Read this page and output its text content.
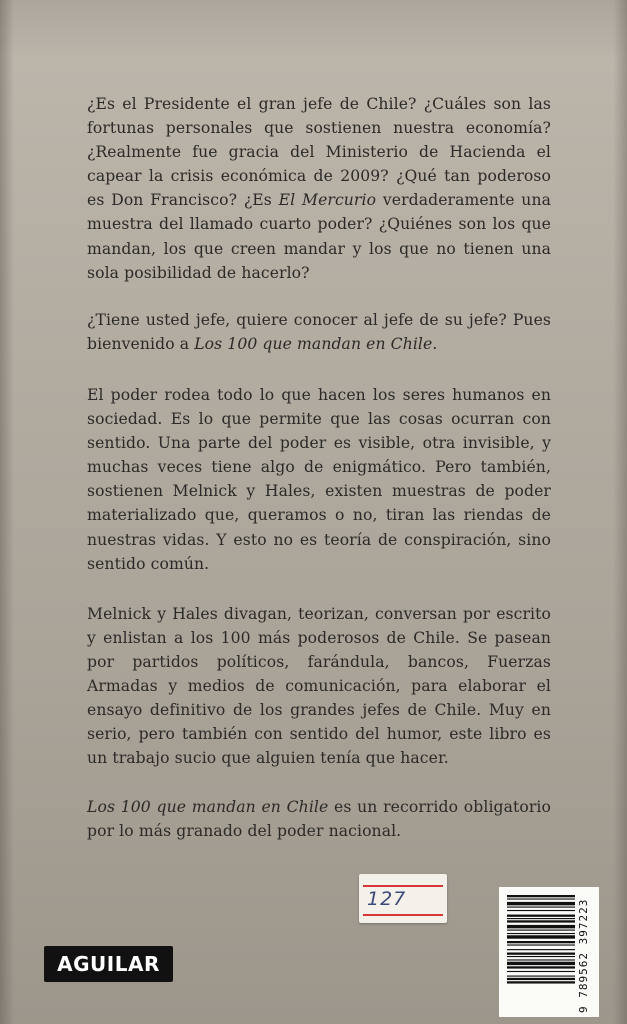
¿Es el Presidente el gran jefe de Chile? ¿Cuáles son las fortunas personales que sostienen nuestra economía? ¿Realmente fue gracia del Ministerio de Hacienda el capear la crisis económica de 2009? ¿Qué tan poderoso es Don Francisco? ¿Es El Mercurio verdaderamente una muestra del llamado cuarto poder? ¿Quiénes son los que mandan, los que creen mandar y los que no tienen una sola posibilidad de hacerlo?

¿Tiene usted jefe, quiere conocer al jefe de su jefe? Pues bienvenido a Los 100 que mandan en Chile.

El poder rodea todo lo que hacen los seres humanos en sociedad. Es lo que permite que las cosas ocurran con sentido. Una parte del poder es visible, otra invisible, y muchas veces tiene algo de enigmático. Pero también, sostienen Melnick y Hales, existen muestras de poder materializado que, queramos o no, tiran las riendas de nuestras vidas. Y esto no es teoría de conspiración, sino sentido común.

Melnick y Hales divagan, teorizan, conversan por escrito y enlistan a los 100 más poderosos de Chile. Se pasean por partidos políticos, farándula, bancos, Fuerzas Armadas y medios de comunicación, para elaborar el ensayo definitivo de los grandes jefes de Chile. Muy en serio, pero también con sentido del humor, este libro es un trabajo sucio que alguien tenía que hacer.

Los 100 que mandan en Chile es un recorrido obligatorio por lo más granado del poder nacional.

127
AGUILAR	9 789562 397223
